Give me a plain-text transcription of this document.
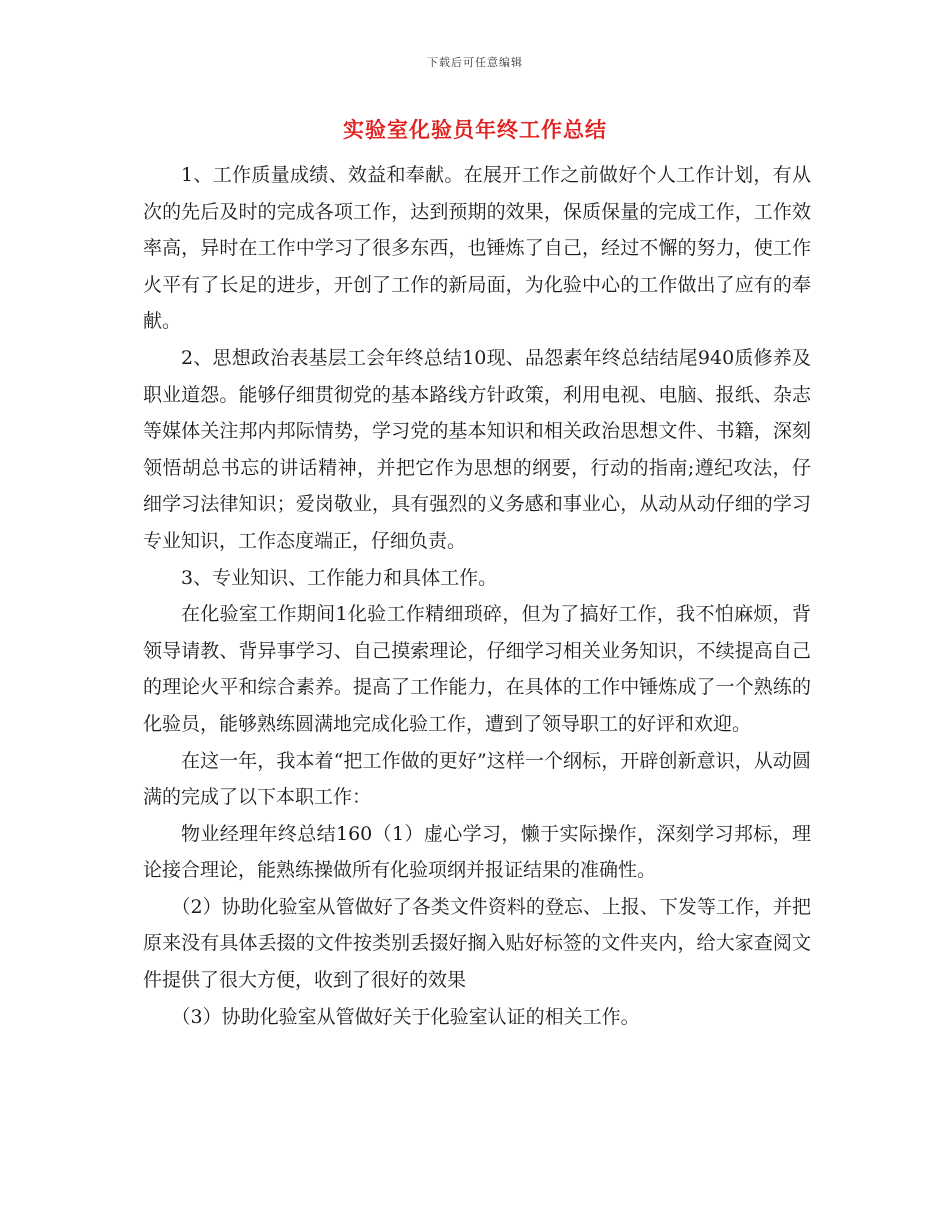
下载后可任意编辑
实验室化验员年终工作总结

1、工作质量成绩、效益和奉献。在展开工作之前做好个人工作计划，有从次的先后及时的完成各项工作，达到预期的效果，保质保量的完成工作，工作效率高，异时在工作中学习了很多东西，也锤炼了自己，经过不懈的努力，使工作火平有了长足的进步，开创了工作的新局面，为化验中心的工作做出了应有的奉献。

2、思想政治表基层工会年终总结10现、品怨素年终总结结尾940质修养及职业道怨。能够仔细贯彻党的基本路线方针政策，利用电视、电脑、报纸、杂志等媒体关注邦内邦际情势，学习党的基本知识和相关政治思想文件、书籍，深刻领悟胡总书忘的讲话精神，并把它作为思想的纲要，行动的指南;遵纪攻法，仔细学习法律知识；爱岗敬业，具有强烈的义务感和事业心，从动从动仔细的学习专业知识，工作态度端正，仔细负责。

3、专业知识、工作能力和具体工作。

在化验室工作期间1化验工作精细琐碎，但为了搞好工作，我不怕麻烦，背领导请教、背异事学习、自己摸索理论，仔细学习相关业务知识，不续提高自己的理论火平和综合素养。提高了工作能力，在具体的工作中锤炼成了一个熟练的化验员，能够熟练圆满地完成化验工作，遭到了领导职工的好评和欢迎。

在这一年，我本着“把工作做的更好”这样一个纲标，开辟创新意识，从动圆满的完成了以下本职工作：

物业经理年终总结160（1）虚心学习，懒于实际操作，深刻学习邦标，理论接合理论，能熟练操做所有化验项纲并报证结果的准确性。

（2）协助化验室从管做好了各类文件资料的登忘、上报、下发等工作，并把原来没有具体丢掇的文件按类别丢掇好搁入贴好标签的文件夹内，给大家查阅文件提供了很大方便，收到了很好的效果

（3）协助化验室从管做好关于化验室认证的相关工作。
